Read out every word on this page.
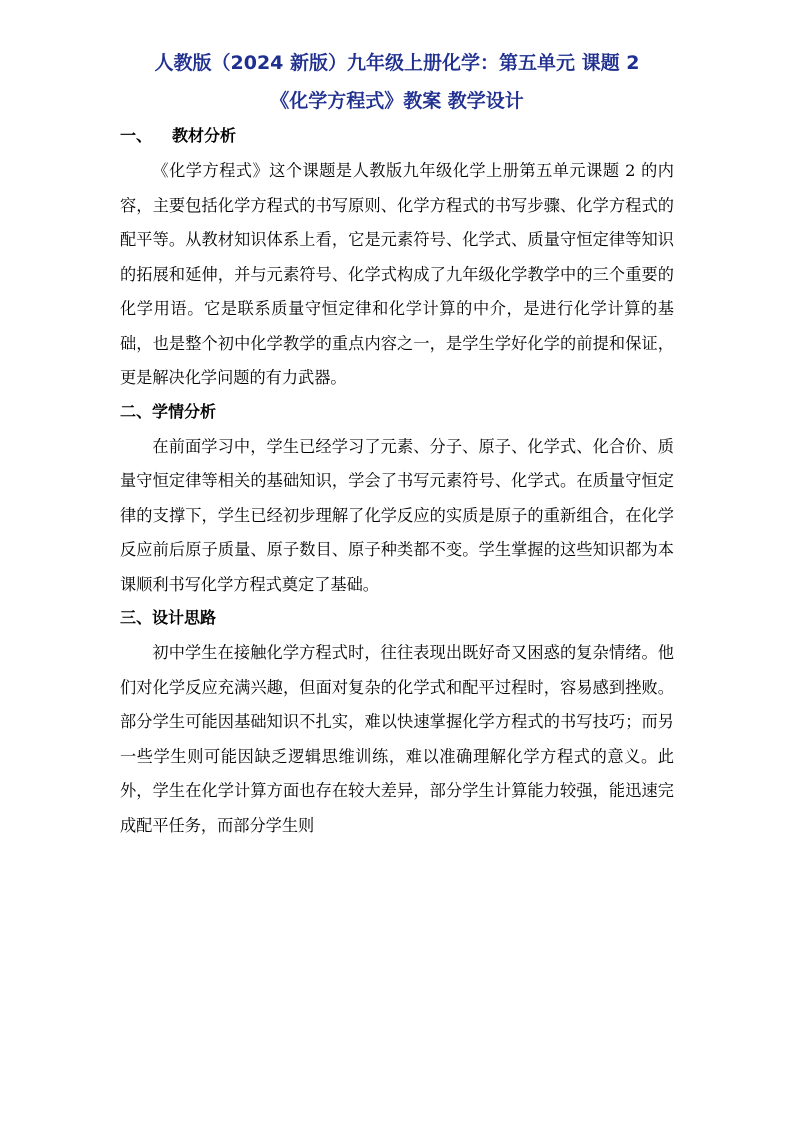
人教版（2024 新版）九年级上册化学：第五单元 课题 2
《化学方程式》教案 教学设计
一、 教材分析

《化学方程式》这个课题是人教版九年级化学上册第五单元课题 2 的内容，主要包括化学方程式的书写原则、化学方程式的书写步骤、化学方程式的配平等。从教材知识体系上看，它是元素符号、化学式、质量守恒定律等知识的拓展和延伸，并与元素符号、化学式构成了九年级化学教学中的三个重要的化学用语。它是联系质量守恒定律和化学计算的中介，是进行化学计算的基础，也是整个初中化学教学的重点内容之一，是学生学好化学的前提和保证，更是解决化学问题的有力武器。

二、学情分析

在前面学习中，学生已经学习了元素、分子、原子、化学式、化合价、质量守恒定律等相关的基础知识，学会了书写元素符号、化学式。在质量守恒定律的支撑下，学生已经初步理解了化学反应的实质是原子的重新组合，在化学反应前后原子质量、原子数目、原子种类都不变。学生掌握的这些知识都为本课顺利书写化学方程式奠定了基础。

三、设计思路

初中学生在接触化学方程式时，往往表现出既好奇又困惑的复杂情绪。他们对化学反应充满兴趣，但面对复杂的化学式和配平过程时，容易感到挫败。部分学生可能因基础知识不扎实，难以快速掌握化学方程式的书写技巧；而另一些学生则可能因缺乏逻辑思维训练，难以准确理解化学方程式的意义。此外，学生在化学计算方面也存在较大差异，部分学生计算能力较强，能迅速完成配平任务，而部分学生则
